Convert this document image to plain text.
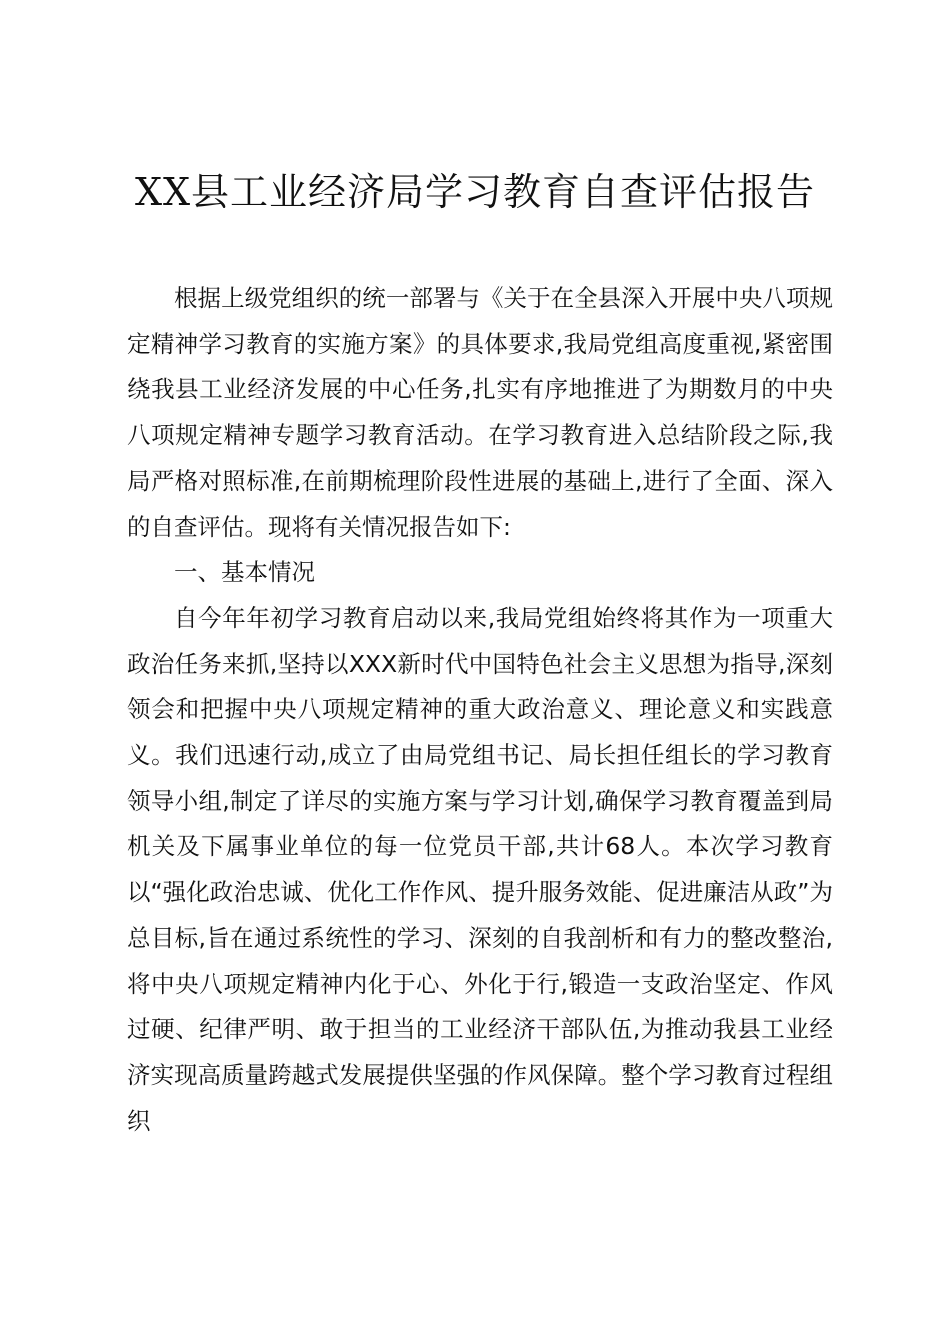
XX县工业经济局学习教育自查评估报告

根据上级党组织的统一部署与《关于在全县深入开展中央八项规定精神学习教育的实施方案》的具体要求,我局党组高度重视,紧密围绕我县工业经济发展的中心任务,扎实有序地推进了为期数月的中央八项规定精神专题学习教育活动。在学习教育进入总结阶段之际,我局严格对照标准,在前期梳理阶段性进展的基础上,进行了全面、深入的自查评估。现将有关情况报告如下:

一、基本情况

自今年年初学习教育启动以来,我局党组始终将其作为一项重大政治任务来抓,坚持以XXX新时代中国特色社会主义思想为指导,深刻领会和把握中央八项规定精神的重大政治意义、理论意义和实践意义。我们迅速行动,成立了由局党组书记、局长担任组长的学习教育领导小组,制定了详尽的实施方案与学习计划,确保学习教育覆盖到局机关及下属事业单位的每一位党员干部,共计68人。本次学习教育以“强化政治忠诚、优化工作作风、提升服务效能、促进廉洁从政”为总目标,旨在通过系统性的学习、深刻的自我剖析和有力的整改整治,将中央八项规定精神内化于心、外化于行,锻造一支政治坚定、作风过硬、纪律严明、敢于担当的工业经济干部队伍,为推动我县工业经济实现高质量跨越式发展提供坚强的作风保障。整个学习教育过程组织
